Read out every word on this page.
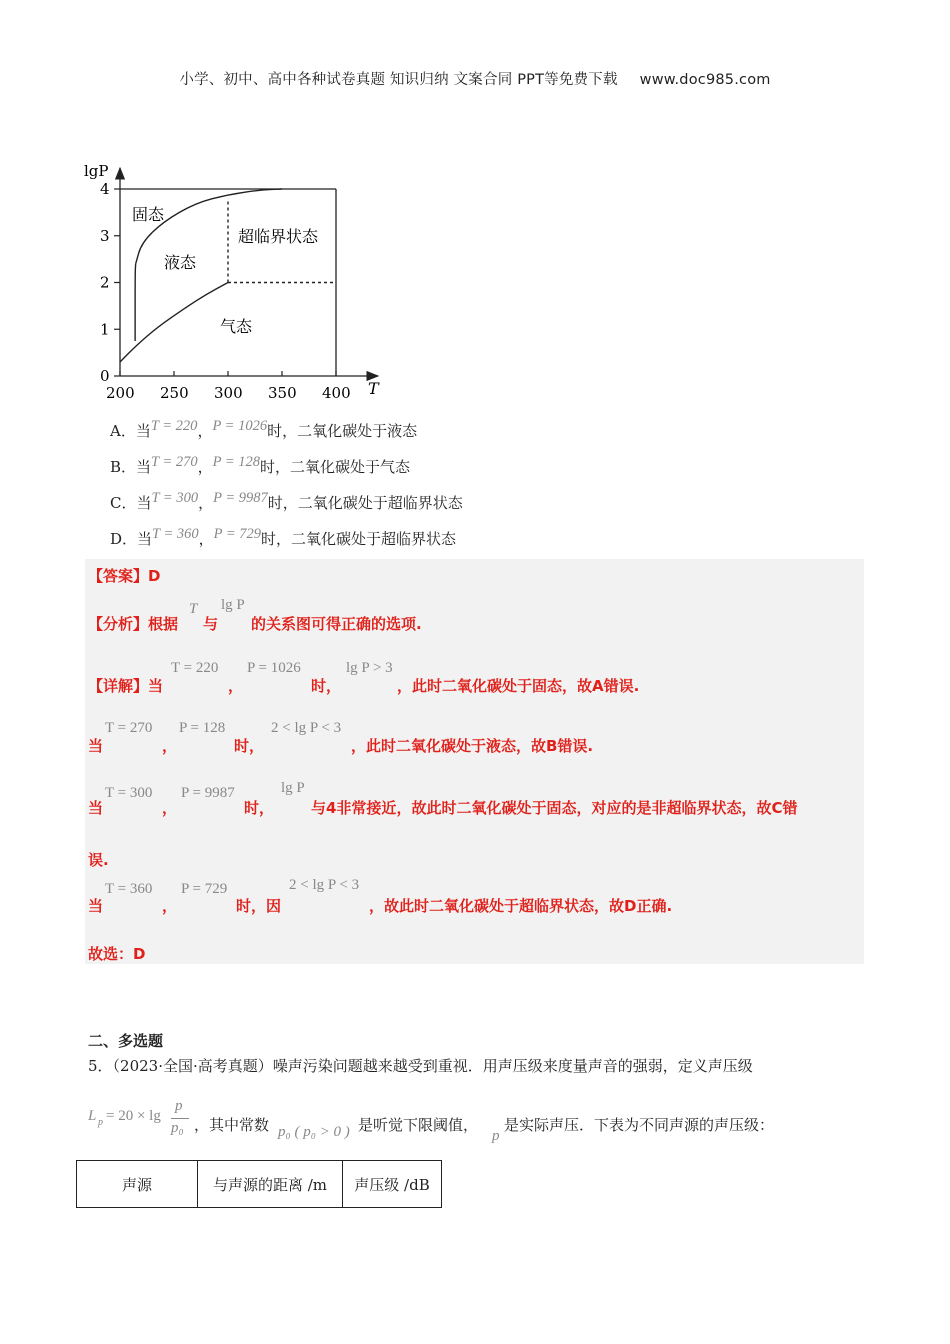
小学、初中、高中各种试卷真题 知识归纳 文案合同 PPT等免费下载 www.doc985.com
0
1
2
3
4
200 250 300 350 400
lgP
T
固态
液态
超临界状态
气态
A．当T = 220，P = 1026时，二氧化碳处于液态
B．当T = 270，P = 128时，二氧化碳处于气态
C．当T = 300，P = 9987时，二氧化碳处于超临界状态
D．当T = 360，P = 729时，二氧化碳处于超临界状态
【答案】D
【分析】根据
T
与
lg P
的关系图可得正确的选项.
【详解】当
T = 220
，
P = 1026
时，
lg P > 3
，此时二氧化碳处于固态，故A错误.
当
T = 270
，
P = 128
时，
2 < lg P < 3
，此时二氧化碳处于液态，故B错误.
当
T = 300
，
P = 9987
时，
lg P
与4非常接近，故此时二氧化碳处于固态，对应的是非超临界状态，故C错
误.
当
T = 360
，
P = 729
时，因
2 < lg P < 3
，故此时二氧化碳处于超临界状态，故D正确.
故选：D
二、多选题
5．（2023·全国·高考真题）噪声污染问题越来越受到重视．用声压级来度量声音的强弱，定义声压级
L p = 20 × lg
p
p₀ ，其中常数 p₀ ( p₀ > 0 ) 是听觉下限阈值，
p
是实际声压．下表为不同声源的声压级：
声源	与声源的距离 /m	声压级 /dB
